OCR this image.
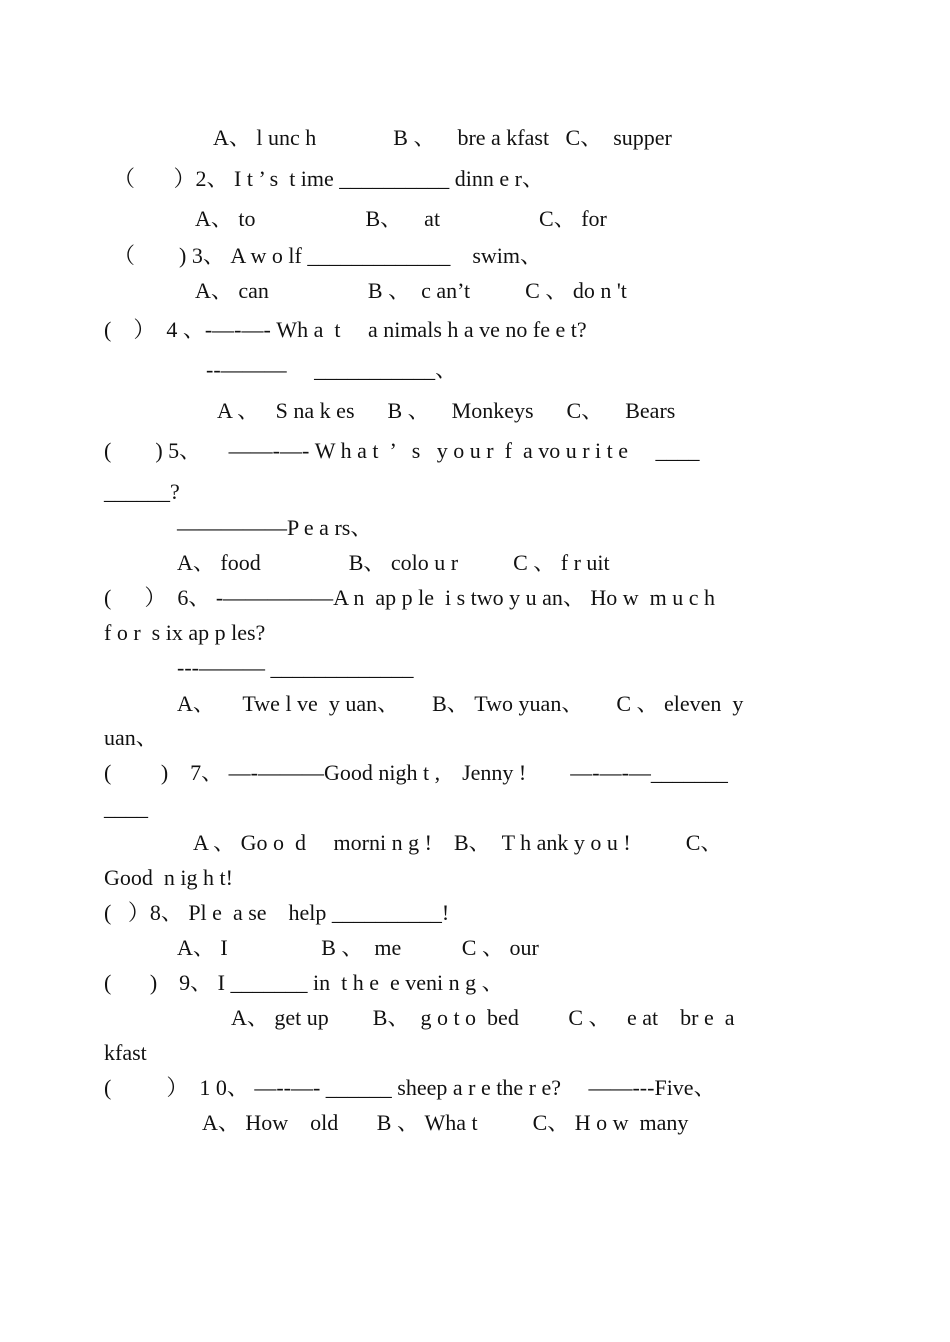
A、 l unc h              B 、    bre a kfast   C、  supper
（       ）2、 I t ’ s  t ime __________ dinn e r、
A、 to                    B、    at                  C、 for
（        ) 3、 A w o lf _____________    swim、
A、 can                  B 、  c an’t          C 、 do n 't
(    ）  4 、-—-—- Wh a  t     a nimals h a ve no fe e t?
--———     ___________、
A 、   S na k es      B 、    Monkeys      C、    Bears
(        ) 5、     ——-—- W h a t  ’   s   y o u r  f  a vo u r i t e     ____
______?
—————P e a rs、
A、 food                B、 colo u r          C 、 f r uit
(      ）  6、 -—————A n  ap p le  i s two y u an、 Ho w  m u c h
f o r  s ix ap p les?
---——— _____________
A、     Twe l ve  y uan、      B、 Two yuan、      C 、 eleven  y
uan、
(         )    7、 —-———Good nigh t ,    Jenny !        —-—-—_______
____
A 、 Go o  d     morni n g !    B、  T h ank y o u !          C、
Good  n ig h t!
(   ）8、 Pl e  a se    help __________!
A、 I                 B 、  me           C 、 our
(       )    9、 I _______ in  t h e  e veni n g 、
A、 get up        B、  g o t o  bed         C 、   e at    br e  a
kfast
(          ）  1 0、 —--—- ______ sheep a r e the r e?     ——---Five、
A、 How    old       B 、 Wha t          C、 H o w  many
